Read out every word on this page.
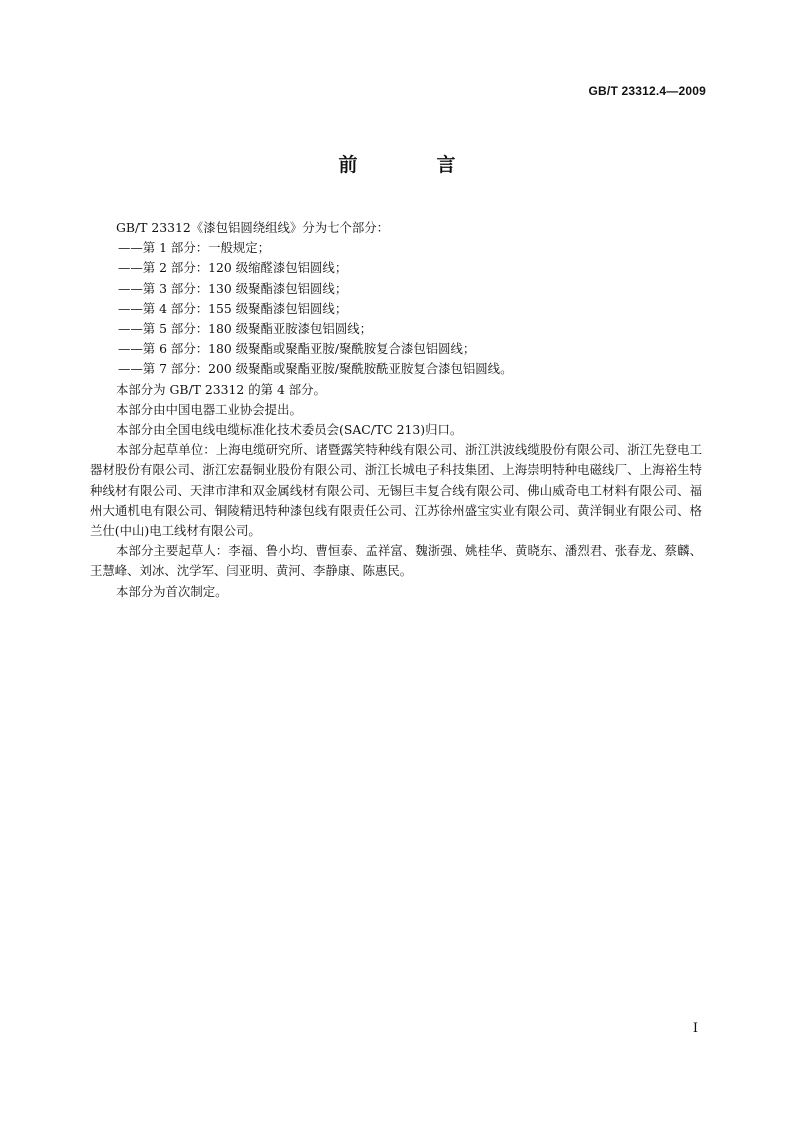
GB/T 23312.4—2009
前　言

GB/T 23312《漆包铝圆绕组线》分为七个部分：

——第 1 部分：一般规定；

——第 2 部分：120 级缩醛漆包铝圆线；

——第 3 部分：130 级聚酯漆包铝圆线；

——第 4 部分：155 级聚酯漆包铝圆线；

——第 5 部分：180 级聚酯亚胺漆包铝圆线；

——第 6 部分：180 级聚酯或聚酯亚胺/聚酰胺复合漆包铝圆线；

——第 7 部分：200 级聚酯或聚酯亚胺/聚酰胺酰亚胺复合漆包铝圆线。

本部分为 GB/T 23312 的第 4 部分。

本部分由中国电器工业协会提出。

本部分由全国电线电缆标准化技术委员会(SAC/TC 213)归口。

本部分起草单位：上海电缆研究所、诸暨露笑特种线有限公司、浙江洪波线缆股份有限公司、浙江先登电工器材股份有限公司、浙江宏磊铜业股份有限公司、浙江长城电子科技集团、上海崇明特种电磁线厂、上海裕生特种线材有限公司、天津市津和双金属线材有限公司、无锡巨丰复合线有限公司、佛山威奇电工材料有限公司、福州大通机电有限公司、铜陵精迅特种漆包线有限责任公司、江苏徐州盛宝实业有限公司、黄洋铜业有限公司、格兰仕(中山)电工线材有限公司。

本部分主要起草人：李福、鲁小均、曹恒泰、孟祥富、魏浙强、姚桂华、黄晓东、潘烈君、张春龙、蔡麟、王慧峰、刘冰、沈学军、闫亚明、黄河、李静康、陈惠民。

本部分为首次制定。

I
